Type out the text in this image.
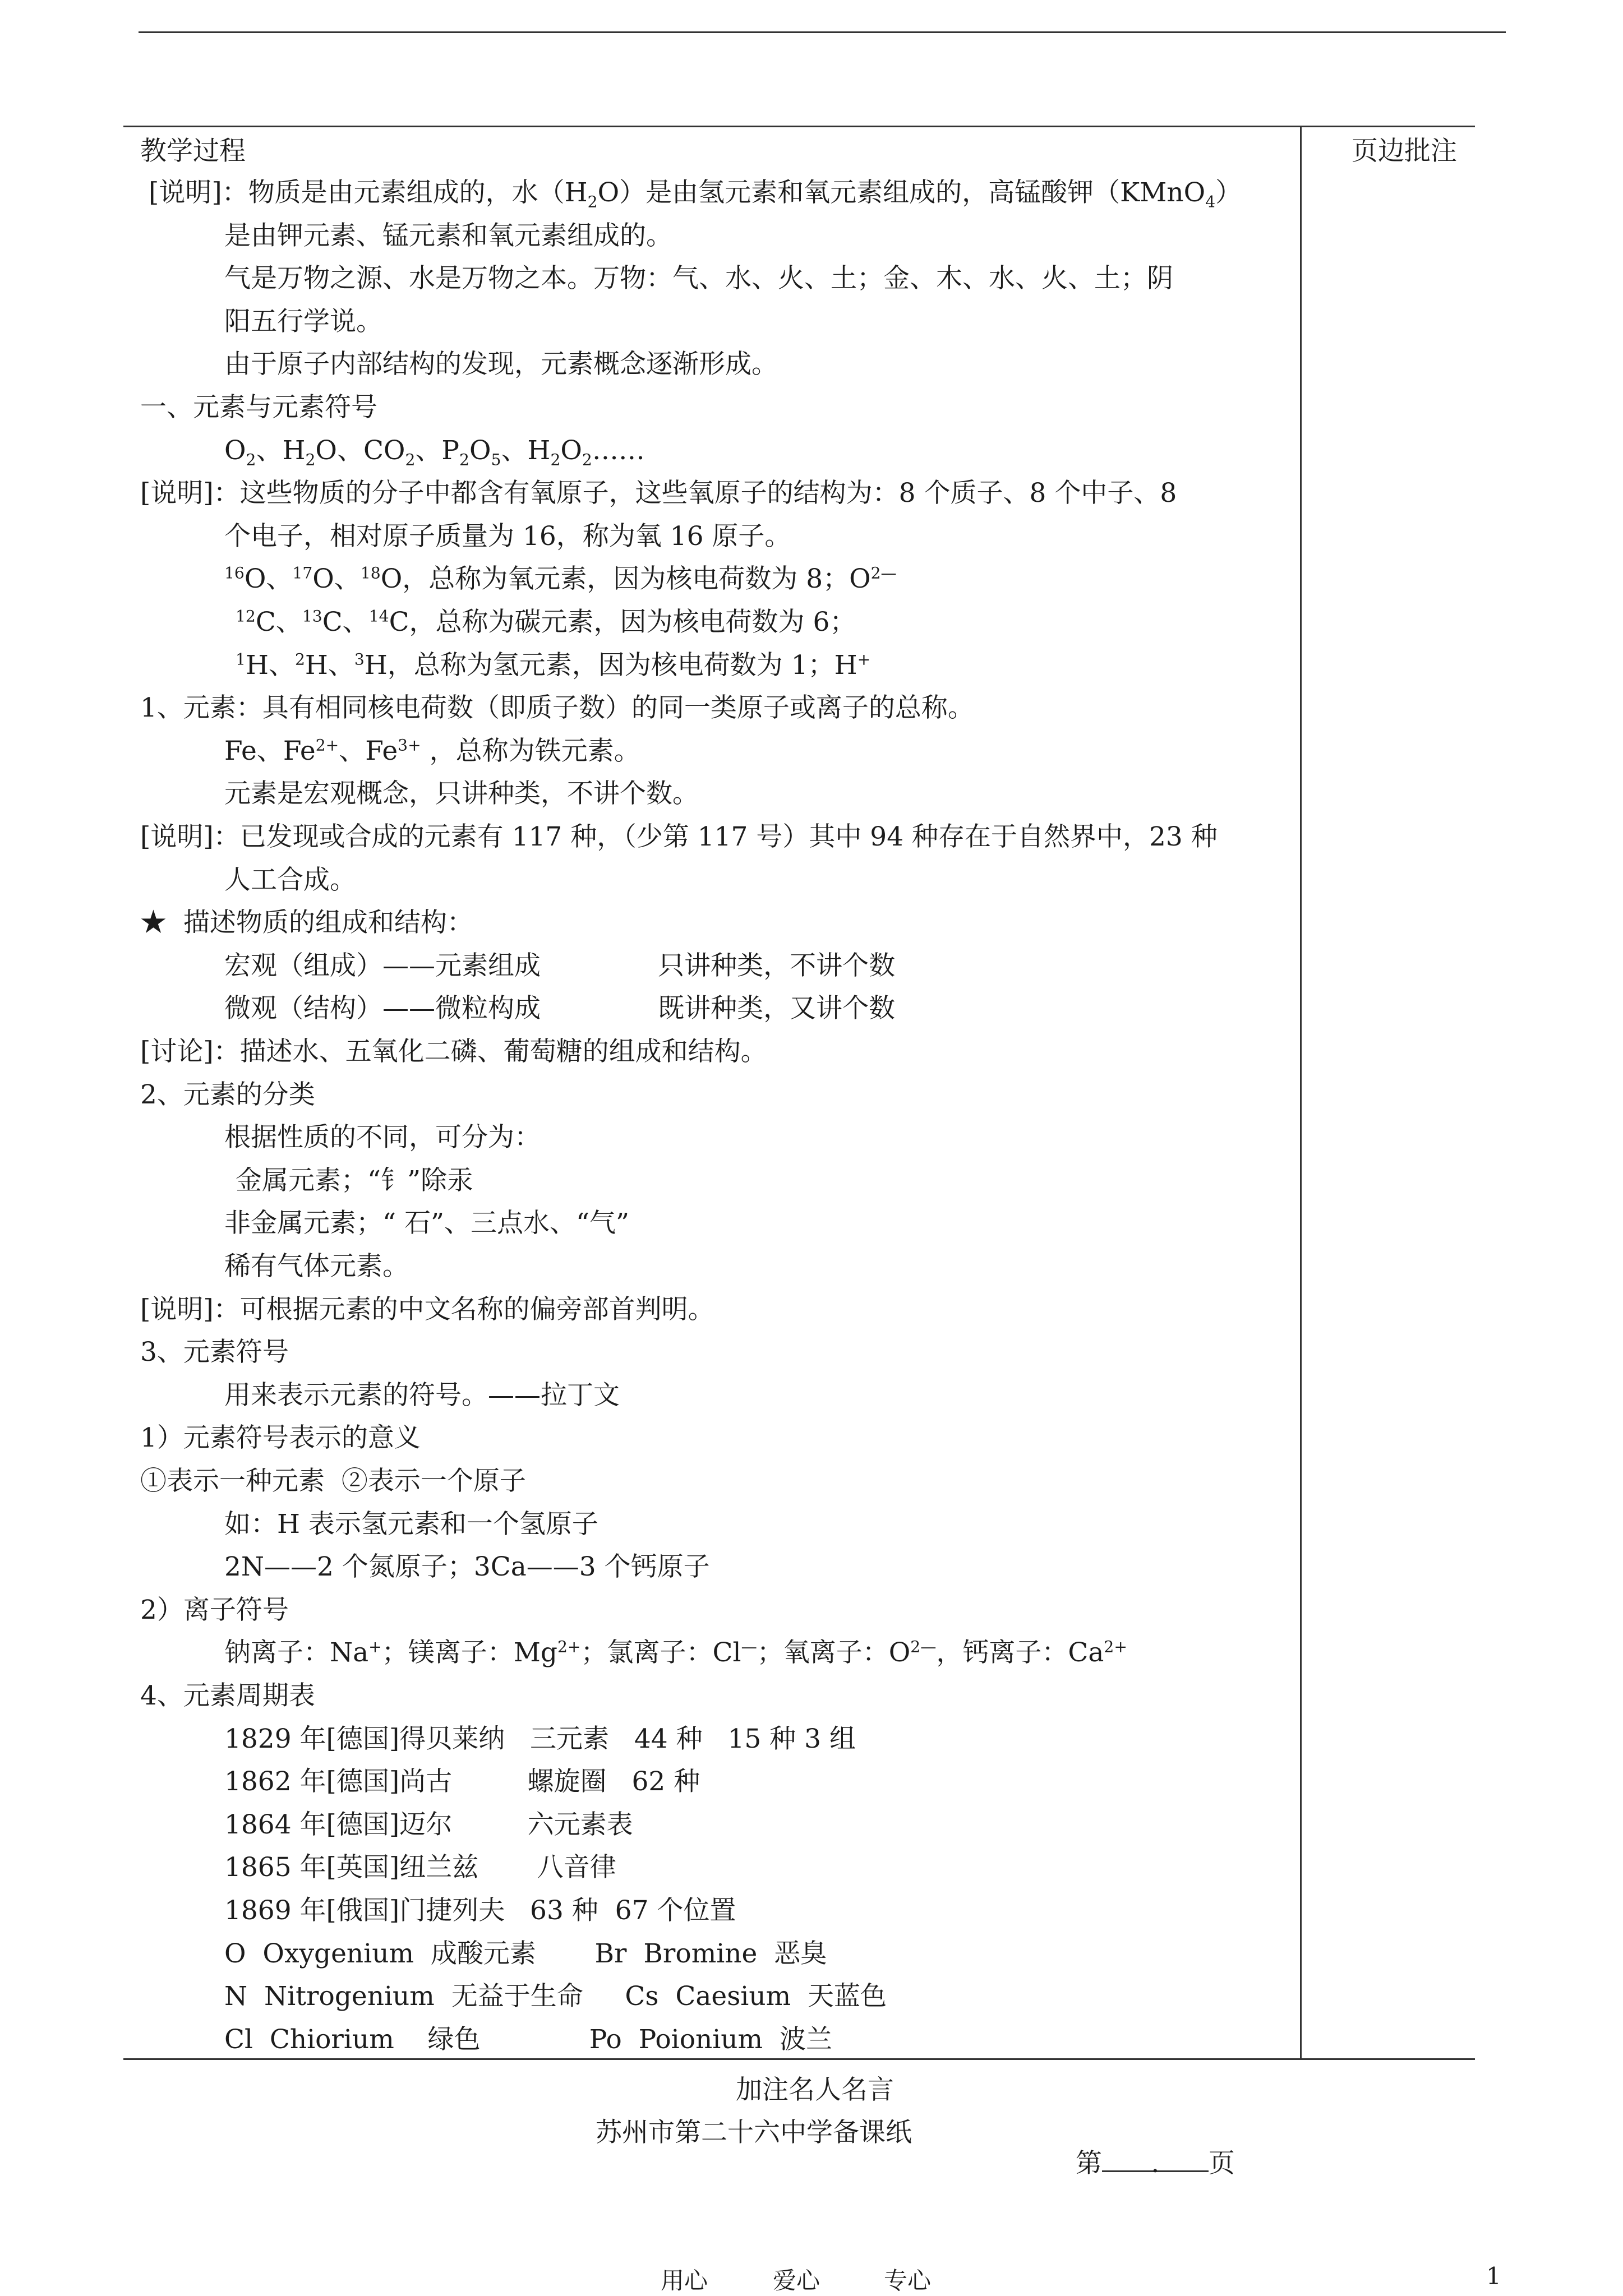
教学过程	页边批注
[说明]：物质是由元素组成的，水$(H_2O)$是由氢元素和氧元素组成的，高锰酸钾（KMnO$_4$）
是由钾元素、锰元素和氧元素组成的。
气是万物之源、水是万物之本。万物：气、水、火、土；金、木、水、火、土；阴
阳五行学说。
由于原子内部结构的发现，元素概念逐渐形成。
一、元素与元素符号
$O_2$、$H_2O$、$CO_2$、$P_2O_5$、$H_2O_2\dots\dots$
[说明]：这些物质的分子中都含有氧原子，这些氧原子的结构为：8 个质子、8 个中子、8
个电子，相对原子质量为 16，称为氧 16 原子。
$^{16}$O、$^{17}$O、$^{18}$O，总称为氧元素，因为核电荷数为 8；$O^{2—}$
$^{12}$C、$^{13}$C、$^{14}$C，总称为碳元素，因为核电荷数为 6；
$^1$H、$^2$H、$^3$H，总称为氢元素，因为核电荷数为 1；H+
1、元素：具有相同核电荷数（即质子数）的同一类原子或离子的总称。
Fe、$Fe^{2+}$、$Fe^{3+}$ ，总称为铁元素。
元素是宏观概念，只讲种类，不讲个数。
[说明]：已发现或合成的元素有 117 种，（少第 117 号）其中 94 种存在于自然界中，23 种
人工合成。
★  描述物质的组成和结构：
宏观（组成）——元素组成              只讲种类，不讲个数
微观（结构）——微粒构成              既讲种类，又讲个数
[讨论]：描述水、五氧化二磷、葡萄糖的组成和结构。
2、元素的分类
根据性质的不同，可分为：
金属元素；“钅”除汞
非金属元素；“ 石”、三点水、“气”
稀有气体元素。
[说明]：可根据元素的中文名称的偏旁部首判明。
3、元素符号
用来表示元素的符号。——拉丁文
1）元素符号表示的意义
①表示一种元素  ②表示一个原子
如：H 表示氢元素和一个氢原子
2N——2 个氮原子；3Ca——3 个钙原子
2）离子符号
钠离子：Na+；镁离子：$Mg^{2+}$；氯离子：Cl—；氧离子：$O^{2—}$，钙离子：$Ca^{2+}$
4、元素周期表
1829 年[德国]得贝莱纳   三元素   44 种   15 种 3 组
1862 年[德国]尚古         螺旋圈   62 种
1864 年[德国]迈尔         六元素表
1865 年[英国]纽兰兹       八音律
1869 年[俄国]门捷列夫   63 种  67 个位置
O  Oxygenium  成酸元素       Br  Bromine  恶臭
N  Nitrogenium  无益于生命     Cs  Caesium  天蓝色
Cl  Chiorium    绿色             Po  Poionium  波兰
加注名人名言
苏州市第二十六中学备课纸

第 . 页

用心	爱心	专心	1
